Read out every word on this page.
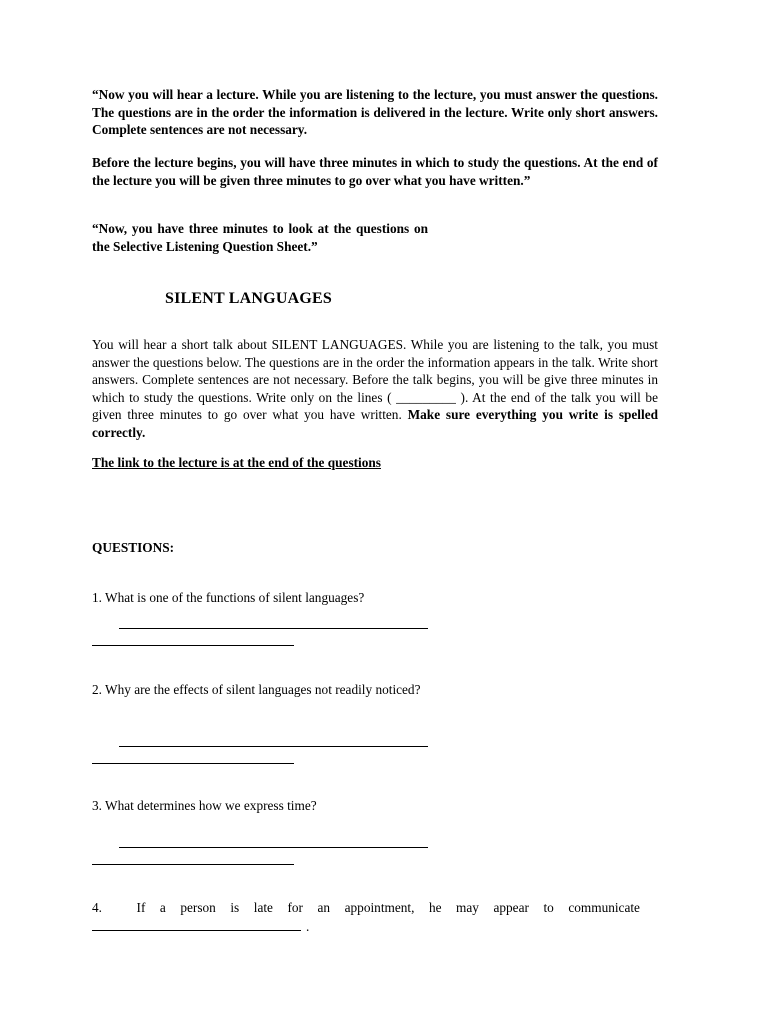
“Now you will hear a lecture. While you are listening to the lecture, you must answer the questions. The questions are in the order the information is delivered in the lecture. Write only short answers. Complete sentences are not necessary.
Before the lecture begins, you will have three minutes in which to study the questions. At the end of the lecture you will be given three minutes to go over what you have written.”
“Now, you have three minutes to look at the questions on the Selective Listening Question Sheet.”
SILENT LANGUAGES
You will hear a short talk about SILENT LANGUAGES. While you are listening to the talk, you must answer the questions below. The questions are in the order the information appears in the talk. Write short answers. Complete sentences are not necessary. Before the talk begins, you will be give three minutes in which to study the questions. Write only on the lines ( _________ ). At the end of the talk you will be given three minutes to go over what you have written. Make sure everything you write is spelled correctly.
The link to the lecture is at the end of the questions
QUESTIONS:
1. What is one of the functions of silent languages?
2. Why are the effects of silent languages not readily noticed?
3. What determines how we express time?
4.	If a person is late for an appointment, he may appear to communicate
.
